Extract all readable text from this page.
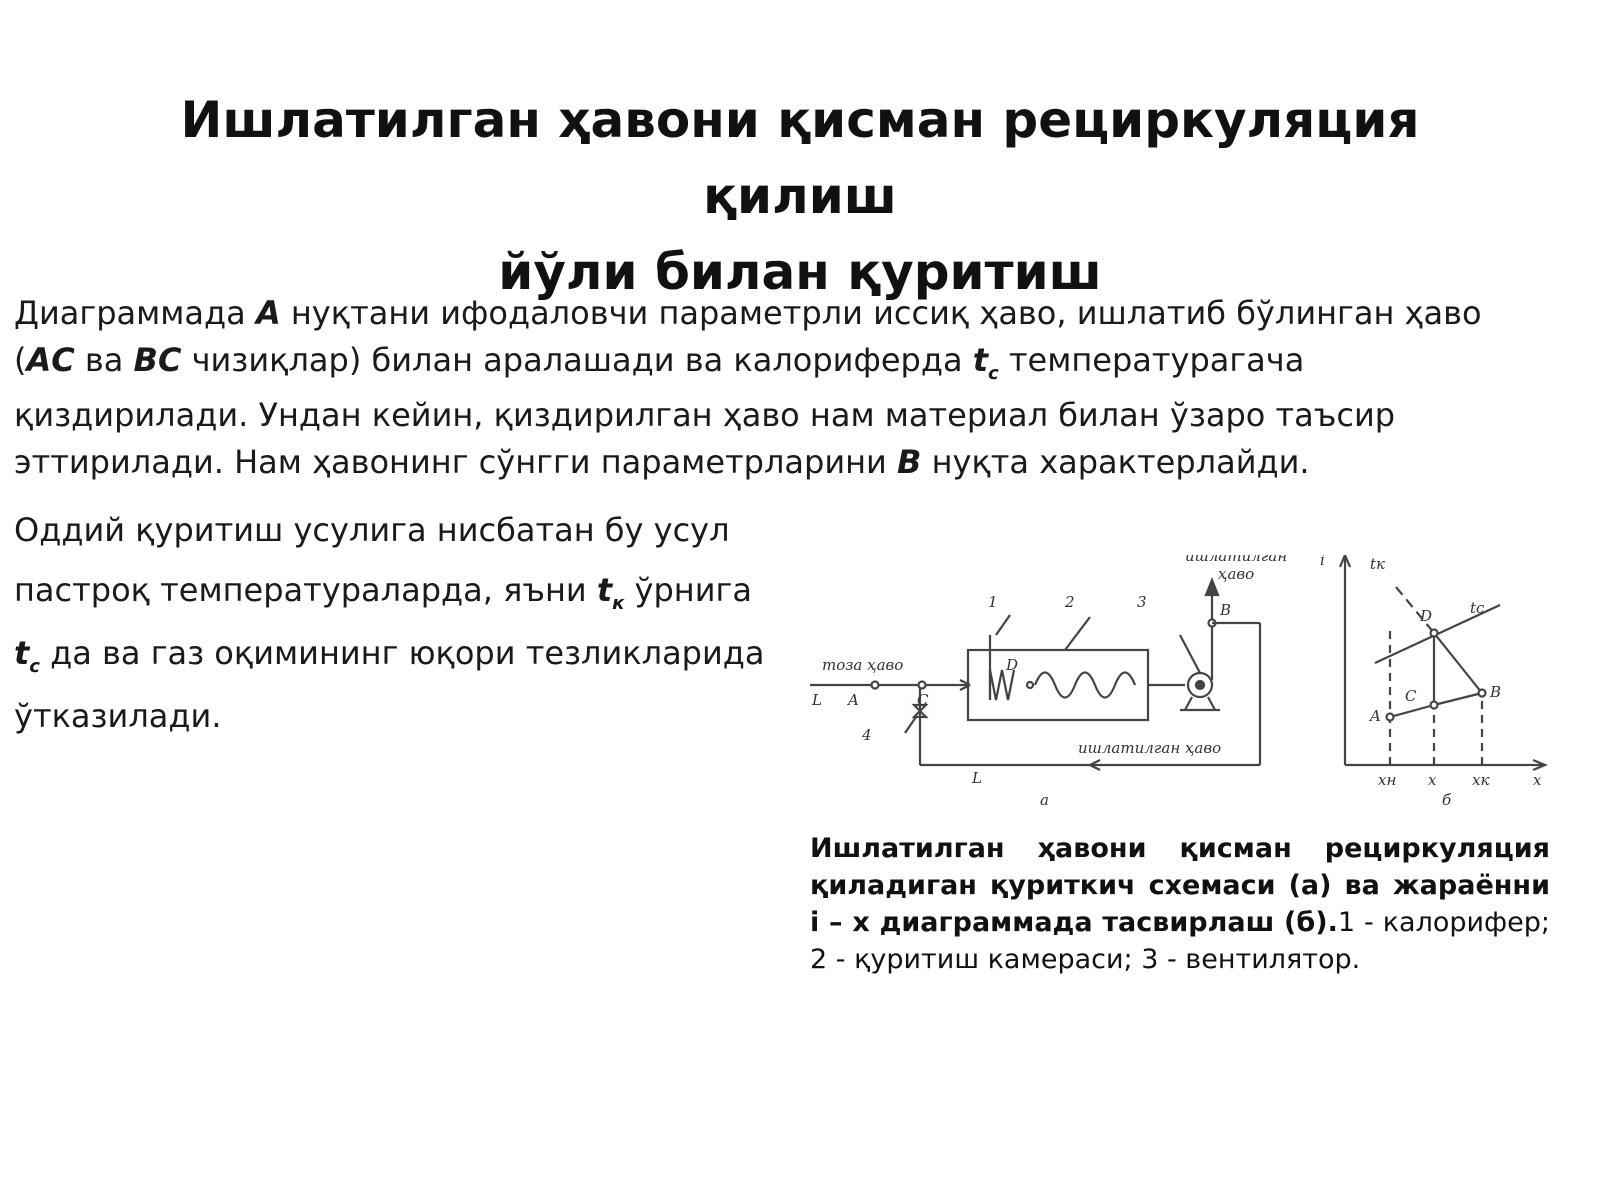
Ишлатилган ҳавони қисман рециркуляция қилиш
йўли билан қуритиш
Диаграммада А нуқтани ифодаловчи параметрли иссиқ ҳаво, ишлатиб бўлинган ҳаво
(АС ва ВС чизиқлар) билан аралашади ва калориферда $t_с$ температурагача
қиздирилади. Ундан кейин, қиздирилган ҳаво нам материал билан ўзаро таъсир
эттирилади. Нам ҳавонинг сўнгги параметрларини В нуқта характерлайди.
Оддий қуритиш усулига нисбатан бу усул
пастроқ температураларда, яъни $t_к$ ўрнига
$t_с$ да ва газ оқимининг юқори тезликларида
ўтказилади.
тоза ҳаво
L A	C
D
1	2	3
4
ишлатилган
ҳаво
B
ишлатилган ҳаво
L
а
i	tк
tс
D
C	B
A
xн x xк	x
б
Ишлатилган ҳавони қисман рециркуляция қиладиган қуриткич схемаси (а) ва жараённи i – x диаграммада тасвирлаш (б).1 - калорифер; 2 - қуритиш камераси; 3 - вентилятор.
